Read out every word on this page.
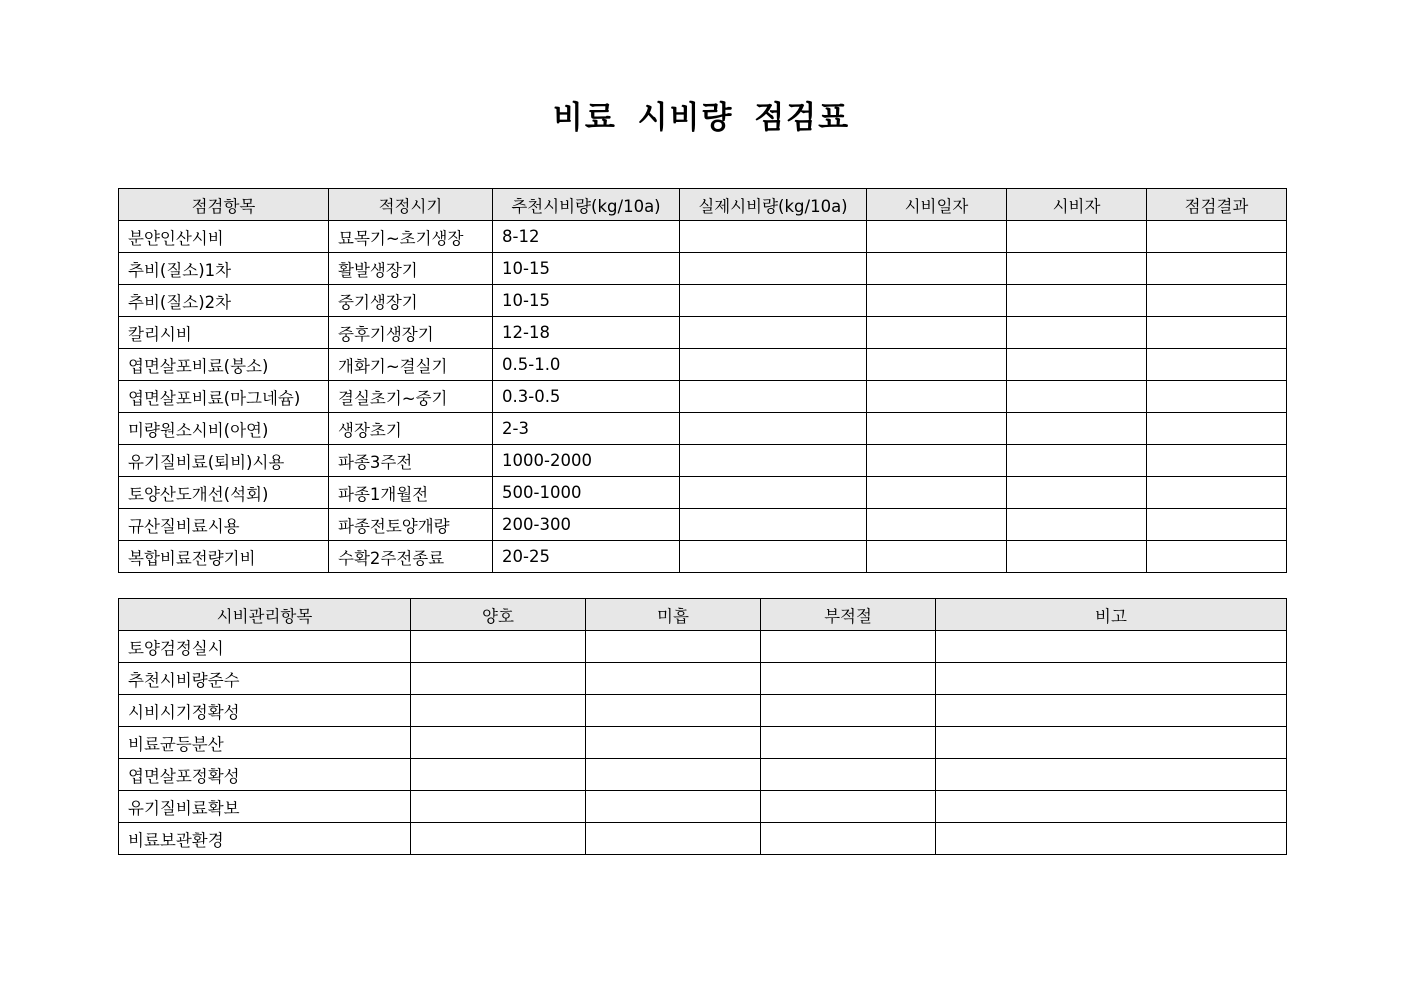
비료 시비량 점검표
점검항목	적정시기	추천시비량(kg/10a)	실제시비량(kg/10a)	시비일자	시비자	점검결과
분얀인산시비	묘목기~초기생장	8-12				
추비(질소)1차	활발생장기	10-15				
추비(질소)2차	중기생장기	10-15				
칼리시비	중후기생장기	12-18				
엽면살포비료(붕소)	개화기~결실기	0.5-1.0				
엽면살포비료(마그네슘)	결실초기~중기	0.3-0.5				
미량원소시비(아연)	생장초기	2-3				
유기질비료(퇴비)시용	파종3주전	1000-2000				
토양산도개선(석회)	파종1개월전	500-1000				
규산질비료시용	파종전토양개량	200-300				
복합비료전량기비	수확2주전종료	20-25				
시비관리항목	양호	미흡	부적절	비고
토양검정실시				
추천시비량준수				
시비시기정확성				
비료균등분산				
엽면살포정확성				
유기질비료확보				
비료보관환경				
